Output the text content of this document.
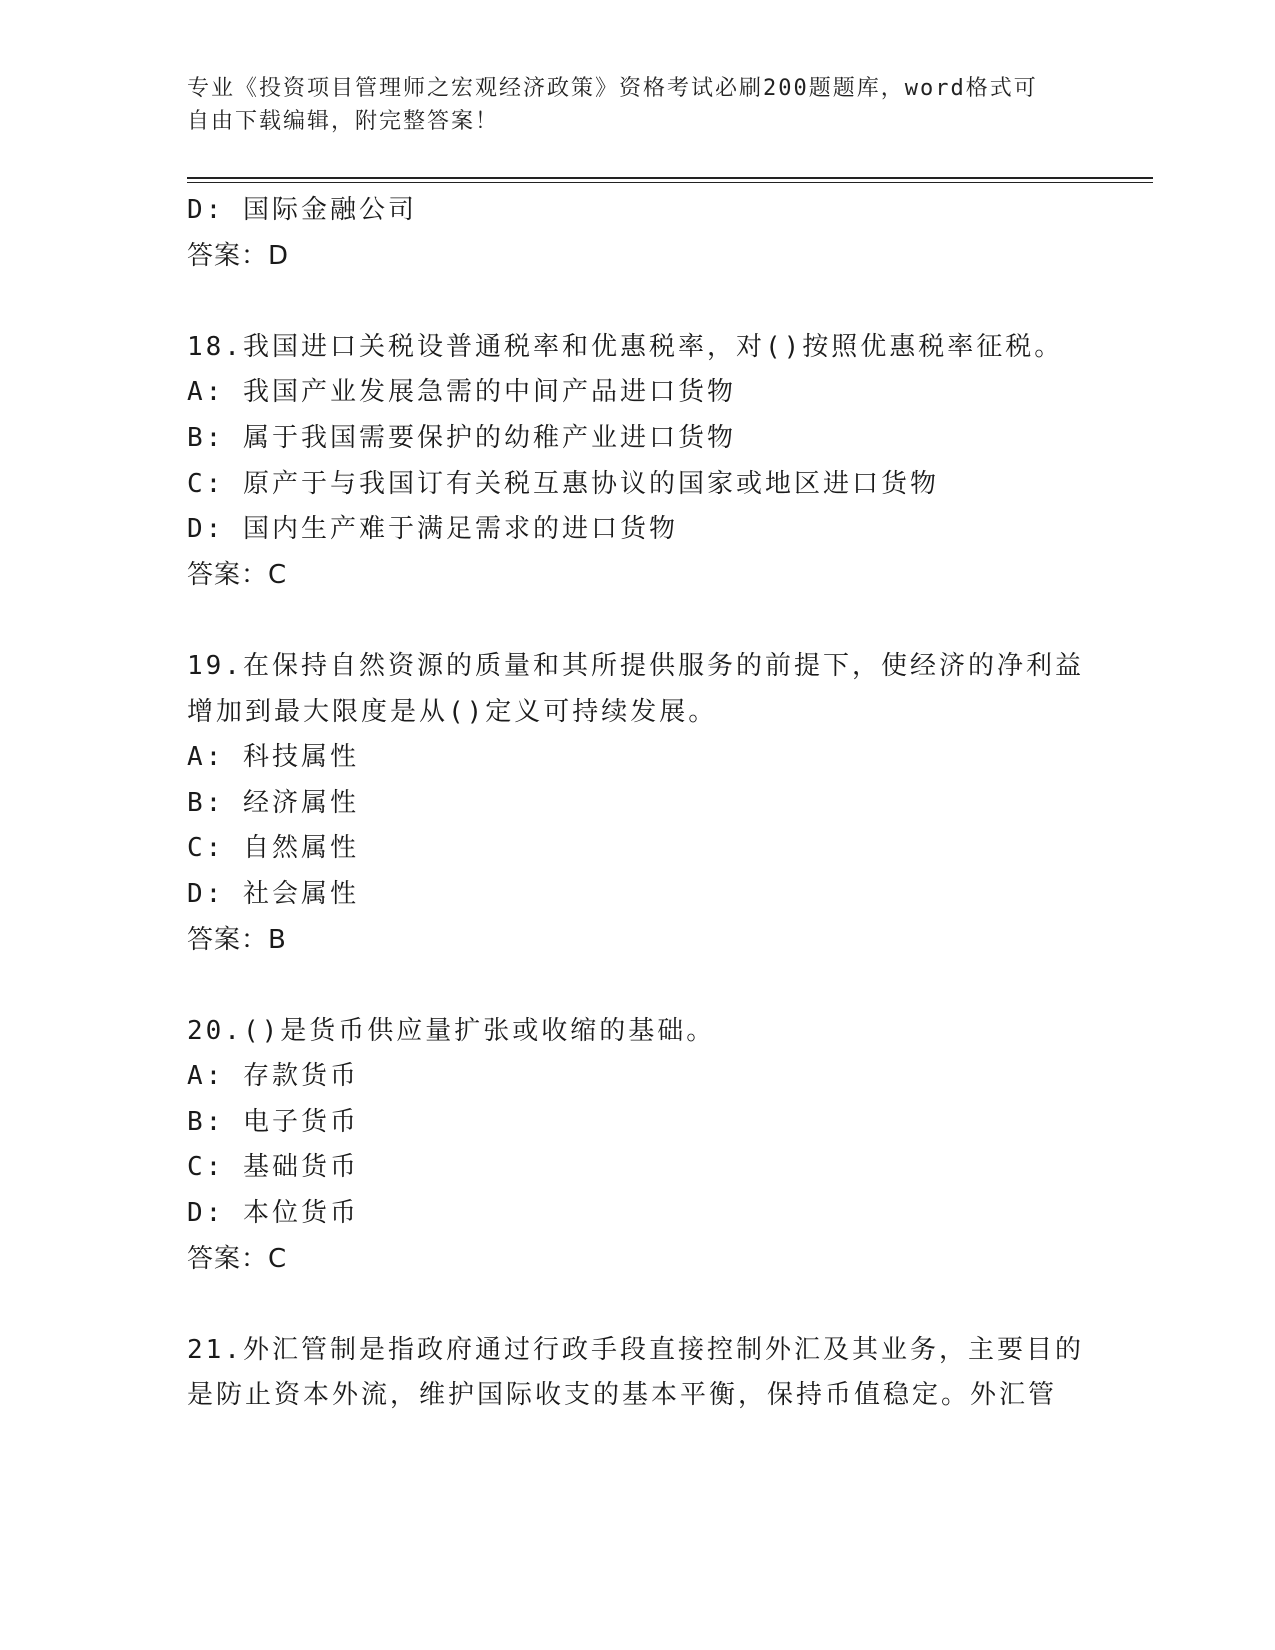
专业《投资项目管理师之宏观经济政策》资格考试必刷200题题库，word格式可
自由下载编辑，附完整答案！
D: 国际金融公司
答案：D
18.我国进口关税设普通税率和优惠税率，对()按照优惠税率征税。
A: 我国产业发展急需的中间产品进口货物
B: 属于我国需要保护的幼稚产业进口货物
C: 原产于与我国订有关税互惠协议的国家或地区进口货物
D: 国内生产难于满足需求的进口货物
答案：C
19.在保持自然资源的质量和其所提供服务的前提下，使经济的净利益
增加到最大限度是从()定义可持续发展。
A: 科技属性
B: 经济属性
C: 自然属性
D: 社会属性
答案：B
20.()是货币供应量扩张或收缩的基础。
A: 存款货币
B: 电子货币
C: 基础货币
D: 本位货币
答案：C
21.外汇管制是指政府通过行政手段直接控制外汇及其业务，主要目的
是防止资本外流，维护国际收支的基本平衡，保持币值稳定。外汇管
